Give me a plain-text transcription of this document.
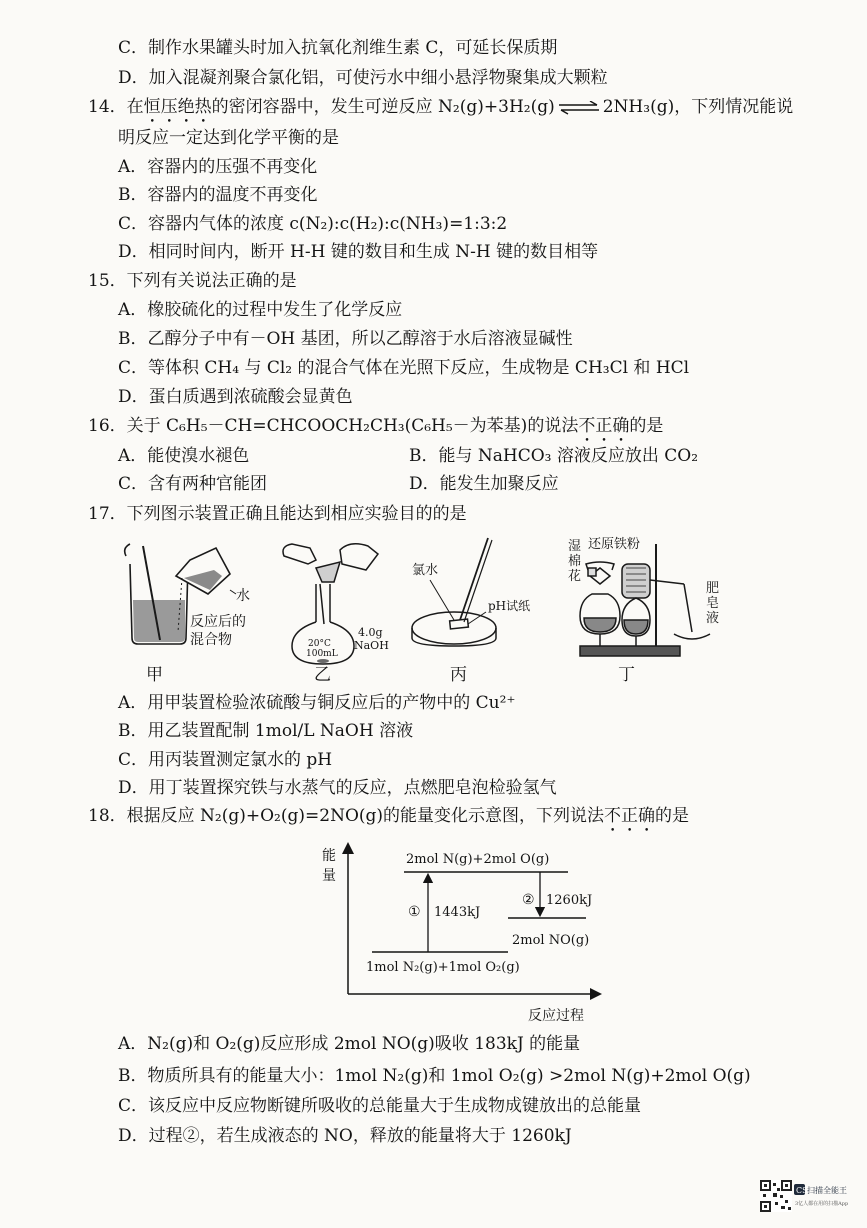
C．制作水果罐头时加入抗氧化剂维生素 C，可延长保质期
D．加入混凝剂聚合氯化铝，可使污水中细小悬浮物聚集成大颗粒
14．在恒压绝热的密闭容器中，发生可逆反应 N₂(g)+3H₂(g) ⇌ 2NH₃(g)，下列情况能说
明反应一定达到化学平衡的是
A．容器内的压强不再变化
B．容器内的温度不再变化
C．容器内气体的浓度 c(N₂):c(H₂):c(NH₃)=1:3:2
D．相同时间内，断开 H-H 键的数目和生成 N-H 键的数目相等
15．下列有关说法正确的是
A．橡胶硫化的过程中发生了化学反应
B．乙醇分子中有－OH 基团，所以乙醇溶于水后溶液显碱性
C．等体积 CH₄ 与 Cl₂ 的混合气体在光照下反应，生成物是 CH₃Cl 和 HCl
D．蛋白质遇到浓硫酸会显黄色
16．关于 C₆H₅－CH=CHCOOCH₂CH₃(C₆H₅－为苯基)的说法不正确的是
A．能使溴水褪色	B．能与 NaHCO₃ 溶液反应放出 CO₂
C．含有两种官能团	D．能发生加聚反应
17．下列图示装置正确且能达到相应实验目的的是
水
反应后的
混合物
甲
20°C
100mL
4.0g
NaOH
乙
氯水
pH试纸
丙
湿
棉
花
还原铁粉
肥
皂
液
丁
A．用甲装置检验浓硫酸与铜反应后的产物中的 Cu²⁺
B．用乙装置配制 1mol/L NaOH 溶液
C．用丙装置测定氯水的 pH
D．用丁装置探究铁与水蒸气的反应，点燃肥皂泡检验氢气
18．根据反应 N₂(g)+O₂(g)=2NO(g)的能量变化示意图，下列说法不正确的是
能
量
反应过程
2mol N(g)+2mol O(g)
2mol NO(g)
1mol N₂(g)+1mol O₂(g)
① 1443kJ
② 1260kJ
A．N₂(g)和 O₂(g)反应形成 2mol NO(g)吸收 183kJ 的能量
B．物质所具有的能量大小：1mol N₂(g)和 1mol O₂(g) >2mol N(g)+2mol O(g)
C．该反应中反应物断键所吸收的总能量大于生成物成键放出的总能量
D．过程②，若生成液态的 NO，释放的能量将大于 1260kJ
CS 扫描全能王
3亿人都在用的扫描App
